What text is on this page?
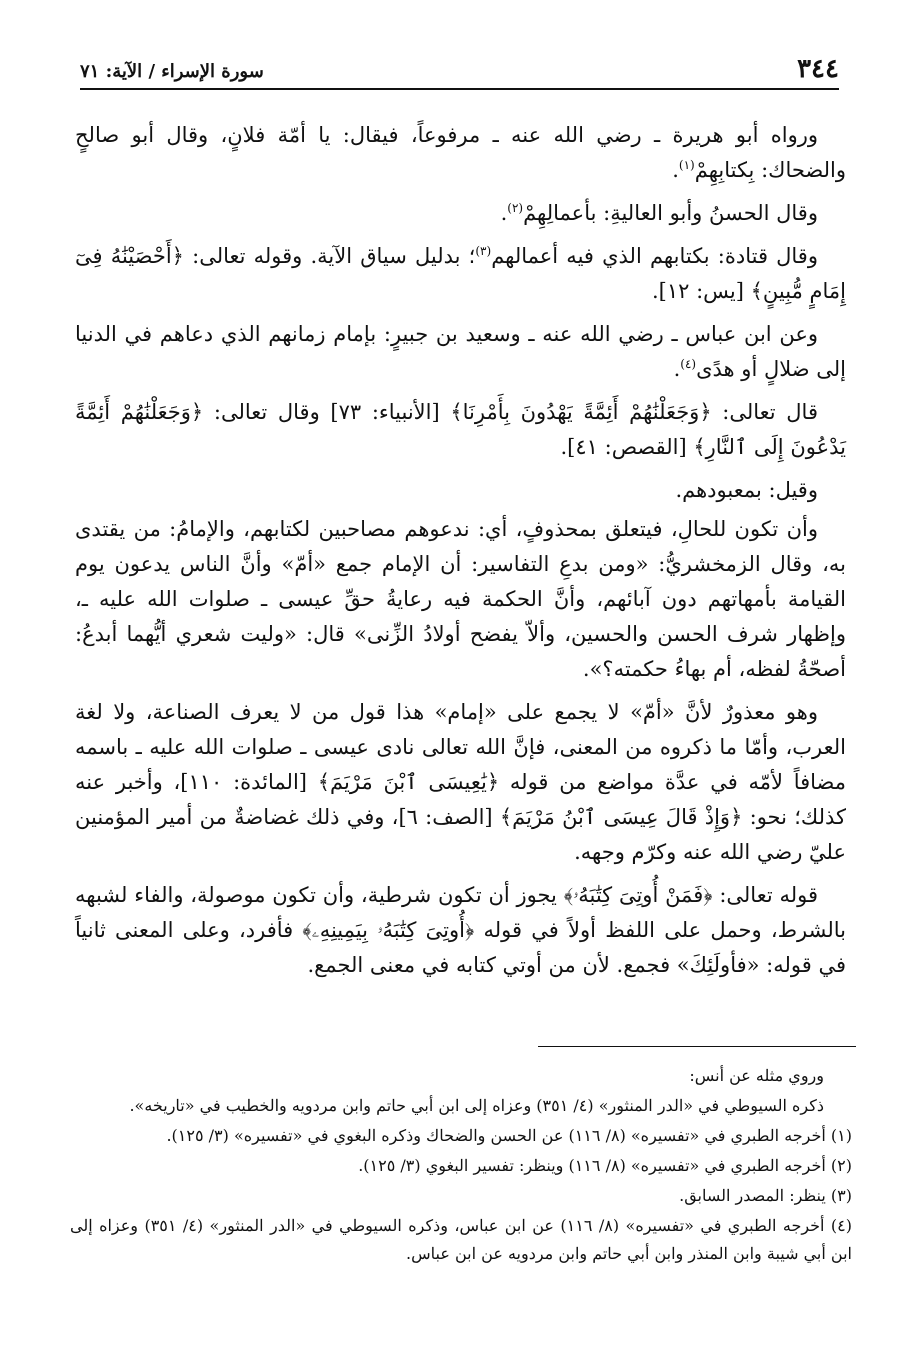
٣٤٤
سورة الإسراء / الآية: ٧١

ورواه أبو هريرة ـ رضي الله عنه ـ مرفوعاً، فيقال: يا أمّة فلانٍ، وقال أبو صالحٍ والضحاك: بِكتابِهِمْ$^{(١)}$.

وقال الحسنُ وأبو العاليةِ: بأعمالِهِمْ$^{(٢)}$.

وقال قتادة: بكتابهم الذي فيه أعمالهم$^{(٣)}$؛ بدليل سياق الآية. وقوله تعالى: ﴿أَحْصَيْنَٰهُ فِىٓ إِمَامٍ مُّبِينٍ﴾ [يس: ١٢].

وعن ابن عباس ـ رضي الله عنه ـ وسعيد بن جبيرٍ: بإمام زمانهم الذي دعاهم في الدنيا إلى ضلالٍ أو هدًى$^{(٤)}$.

قال تعالى: ﴿وَجَعَلْنَٰهُمْ أَئِمَّةً يَهْدُونَ بِأَمْرِنَا﴾ [الأنبياء: ٧٣] وقال تعالى: ﴿وَجَعَلْنَٰهُمْ أَئِمَّةً يَدْعُونَ إِلَى ٱلنَّارِ﴾ [القصص: ٤١].

وقيل: بمعبودهم.

وأن تكون للحالِ، فيتعلق بمحذوفٍ، أي: ندعوهم مصاحبين لكتابهم، والإمامُ: من يقتدى به، وقال الزمخشريُّ: «ومن بدعِ التفاسير: أن الإمام جمع «أمّ» وأنَّ الناس يدعون يوم القيامة بأمهاتهم دون آبائهم، وأنَّ الحكمة فيه رعايةُ حقِّ عيسى ـ صلوات الله عليه ـ، وإظهار شرف الحسن والحسين، وألاّ يفضح أولادُ الزِّنى» قال: «وليت شعري أيُّهما أبدعُ: أصحّةُ لفظه، أم بهاءُ حكمته؟».

وهو معذورٌ لأنَّ «أمّ» لا يجمع على «إمام» هذا قول من لا يعرف الصناعة، ولا لغة العرب، وأمّا ما ذكروه من المعنى، فإنَّ الله تعالى نادى عيسى ـ صلوات الله عليه ـ باسمه مضافاً لأمّه في عدَّة مواضع من قوله ﴿يَٰعِيسَى ٱبْنَ مَرْيَمَ﴾ [المائدة: ١١٠]، وأخبر عنه كذلك؛ نحو: ﴿وَإِذْ قَالَ عِيسَى ٱبْنُ مَرْيَمَ﴾ [الصف: ٦]، وفي ذلك غضاضةٌ من أمير المؤمنين عليّ رضي الله عنه وكرّم وجهه.

قوله تعالى: ﴿فَمَنْ أُوتِىَ كِتَٰبَهُۥ﴾ يجوز أن تكون شرطية، وأن تكون موصولة، والفاء لشبهه بالشرط، وحمل على اللفظ أولاً في قوله ﴿أُوتِىَ كِتَٰبَهُۥ بِيَمِينِهِۦ﴾ فأفرد، وعلى المعنى ثانياً في قوله: «فأولَئِكَ» فجمع. لأن من أوتي كتابه في معنى الجمع.

وروي مثله عن أنس:

ذكره السيوطي في «الدر المنثور» (٤/ ٣٥١) وعزاه إلى ابن أبي حاتم وابن مردويه والخطيب في «تاريخه».

(١) أخرجه الطبري في «تفسيره» (٨/ ١١٦) عن الحسن والضحاك وذكره البغوي في «تفسيره» (٣/ ١٢٥).

(٢) أخرجه الطبري في «تفسيره» (٨/ ١١٦) وينظر: تفسير البغوي (٣/ ١٢٥).

(٣) ينظر: المصدر السابق.

(٤) أخرجه الطبري في «تفسيره» (٨/ ١١٦) عن ابن عباس، وذكره السيوطي في «الدر المنثور» (٤/ ٣٥١) وعزاه إلى ابن أبي شيبة وابن المنذر وابن أبي حاتم وابن مردويه عن ابن عباس.
